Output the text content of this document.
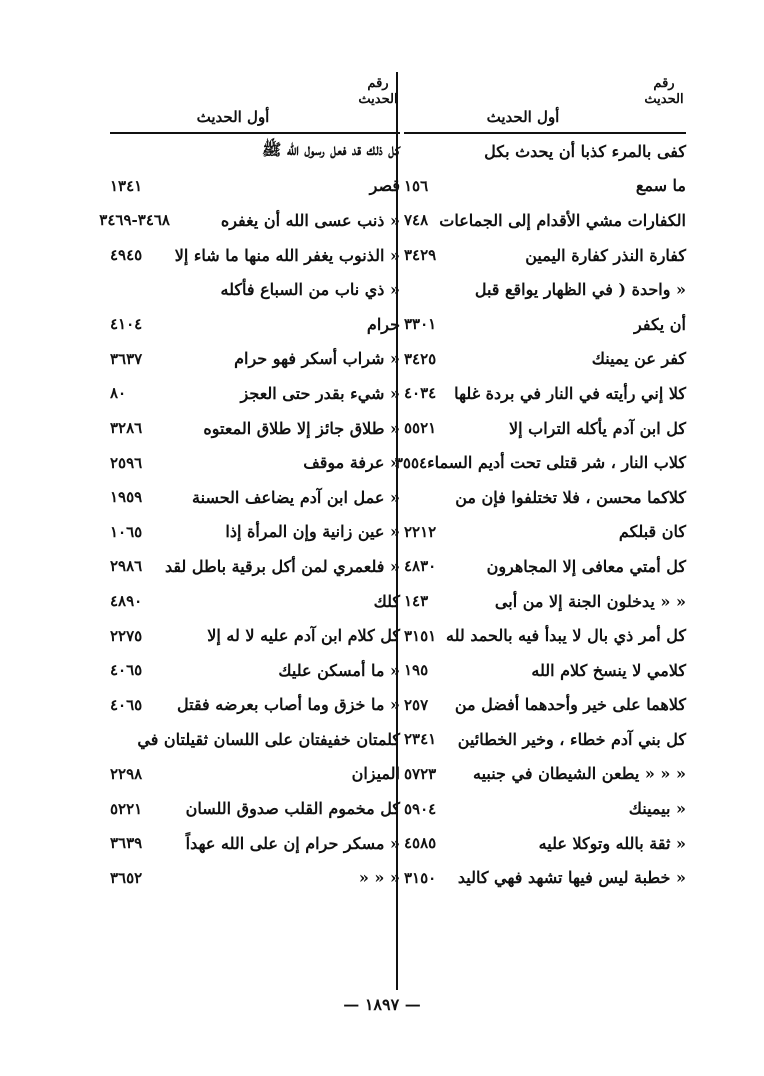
رقم
الحديث
أول الحديث
كفى بالمرء كذبا أن يحدث بكل
ما سمع
١٥٦
الكفارات مشي الأقدام إلى الجماعات
٧٤٨
كفارة النذر كفارة اليمين
٣٤٢٩
« واحدة ( في الظهار يواقع قبل
أن يكفر
٣٣٠١
كفر عن يمينك
٣٤٢٥
كلا إني رأيته في النار في بردة غلها
٤٠٣٤
كل ابن آدم يأكله التراب إلا
٥٥٢١
كلاب النار ، شر قتلى تحت أديم السماء
٣٥٥٤
كلاكما محسن ، فلا تختلفوا فإن من
كان قبلكم
٢٢١٢
كل أمتي معافى إلا المجاهرون
٤٨٣٠
« « يدخلون الجنة إلا من أبى
١٤٣
كل أمر ذي بال لا يبدأ فيه بالحمد لله
٣١٥١
كلامي لا ينسخ كلام الله
١٩٥
كلاهما على خير وأحدهما أفضل من
٢٥٧
كل بني آدم خطاء ، وخير الخطائين
٢٣٤١
« « « يطعن الشيطان في جنبيه
٥٧٢٣
« بيمينك
٥٩٠٤
« ثقة بالله وتوكلا عليه
٤٥٨٥
« خطبة ليس فيها تشهد فهي كاليد
٣١٥٠
رقم
الحديث
أول الحديث
كل ذلك قد فعل رسول الله ﷺ
قصر
١٣٤١
« ذنب عسى الله أن يغفره
٣٤٦٨-٣٤٦٩
« الذنوب يغفر الله منها ما شاء إلا
٤٩٤٥
« ذي ناب من السباع فأكله
حرام
٤١٠٤
« شراب أسكر فهو حرام
٣٦٣٧
« شيء بقدر حتى العجز
٨٠
« طلاق جائز إلا طلاق المعتوه
٣٢٨٦
« عرفة موقف
٢٥٩٦
« عمل ابن آدم يضاعف الحسنة
١٩٥٩
« عين زانية وإن المرأة إذا
١٠٦٥
« فلعمري لمن أكل برقية باطل لقد
٢٩٨٦
كلك
٤٨٩٠
كل كلام ابن آدم عليه لا له إلا
٢٢٧٥
« ما أمسكن عليك
٤٠٦٥
« ما خزق وما أصاب بعرضه فقتل
٤٠٦٥
كلمتان خفيفتان على اللسان ثقيلتان في
الميزان
٢٢٩٨
كل مخموم القلب صدوق اللسان
٥٢٢١
« مسكر حرام إن على الله عهداً
٣٦٣٩
« « «
٣٦٥٢
— ١٨٩٧ —
